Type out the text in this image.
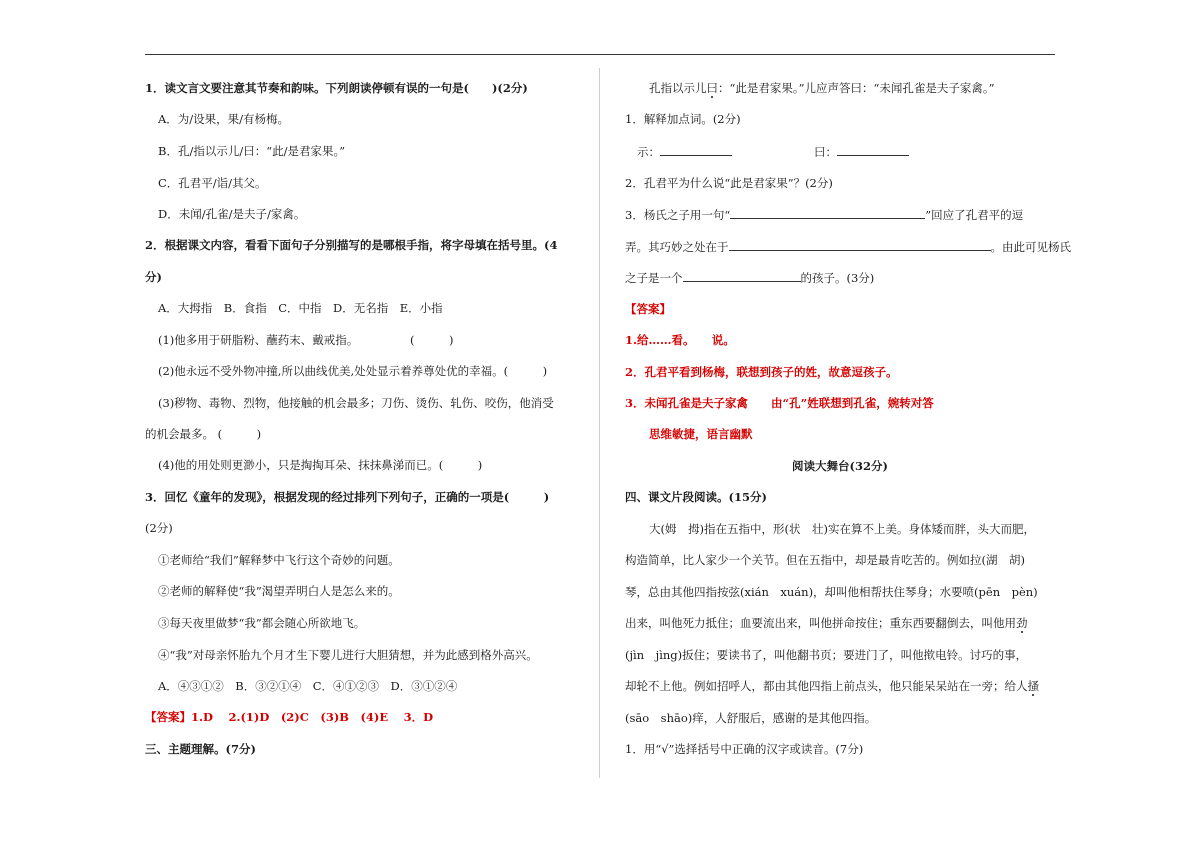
1．读文言文要注意其节奏和韵味。下列朗读停顿有误的一句是(　　)(2分)
A．为/设果，果/有杨梅。
B．孔/指以示儿/曰：“此/是君家果。”
C．孔君平/诣/其父。
D．未闻/孔雀/是夫子/家禽。
2．根据课文内容，看看下面句子分别描写的是哪根手指，将字母填在括号里。(4
分)
A．大拇指　B．食指　C．中指　D．无名指　E．小指
(1)他多用于研脂粉、蘸药末、戴戒指。　　　　　(　　　)
(2)他永远不受外物冲撞,所以曲线优美,处处显示着养尊处优的幸福。(　　　)
(3)秽物、毒物、烈物，他接触的机会最多；刀伤、烫伤、轧伤、咬伤，他消受
的机会最多。 (　　　)
(4)他的用处则更渺小，只是掏掏耳朵、抹抹鼻涕而已。(　　　)
3．回忆《童年的发现》，根据发现的经过排列下列句子，正确的一项是(　　　)
(2分)
①老师给“我们”解释梦中飞行这个奇妙的问题。
②老师的解释使“我”渴望弄明白人是怎么来的。
③每天夜里做梦“我”都会随心所欲地飞。
④“我”对母亲怀胎九个月才生下婴儿进行大胆猜想，并为此感到格外高兴。
A．④③①②　B．③②①④　C．④①②③　D．③①②④
【答案】1.D　 2.(1)D　(2)C　(3)B　(4)E　 3．D
三、主题理解。(7分)
孔指以示儿曰：“此是君家果。”儿应声答曰：“未闻孔雀是夫子家禽。”
1．解释加点词。(2分)
示：	曰：
2．孔君平为什么说“此是君家果”？(2分)
3．杨氏之子用一句“	”回应了孔君平的逗
弄。其巧妙之处在于	。由此可见杨氏
之子是一个	的孩子。(3分)
【答案】
1.给……看。　　说。
2．孔君平看到杨梅，联想到孩子的姓，故意逗孩子。
3．未闻孔雀是夫子家禽　　由“孔”姓联想到孔雀，婉转对答
思维敏捷，语言幽默
阅读大舞台(32分)
四、课文片段阅读。(15分)
大(姆　拇)指在五指中，形(状　壮)实在算不上美。身体矮而胖，头大而肥，
构造简单，比人家少一个关节。但在五指中，却是最肯吃苦的。例如拉(湖　胡)
琴，总由其他四指按弦(xián　xuán)，却叫他相帮扶住琴身；水要喷(pēn　pèn)
出来，叫他死力抵住；血要流出来，叫他拼命按住；重东西要翻倒去，叫他用劲
(jìn　jìng)扳住；要读书了，叫他翻书页；要进门了，叫他揿电铃。讨巧的事，
却轮不上他。例如招呼人，都由其他四指上前点头，他只能呆呆站在一旁；给人搔
(sāo　shāo)痒，人舒服后，感谢的是其他四指。
1．用“√”选择括号中正确的汉字或读音。(7分)
